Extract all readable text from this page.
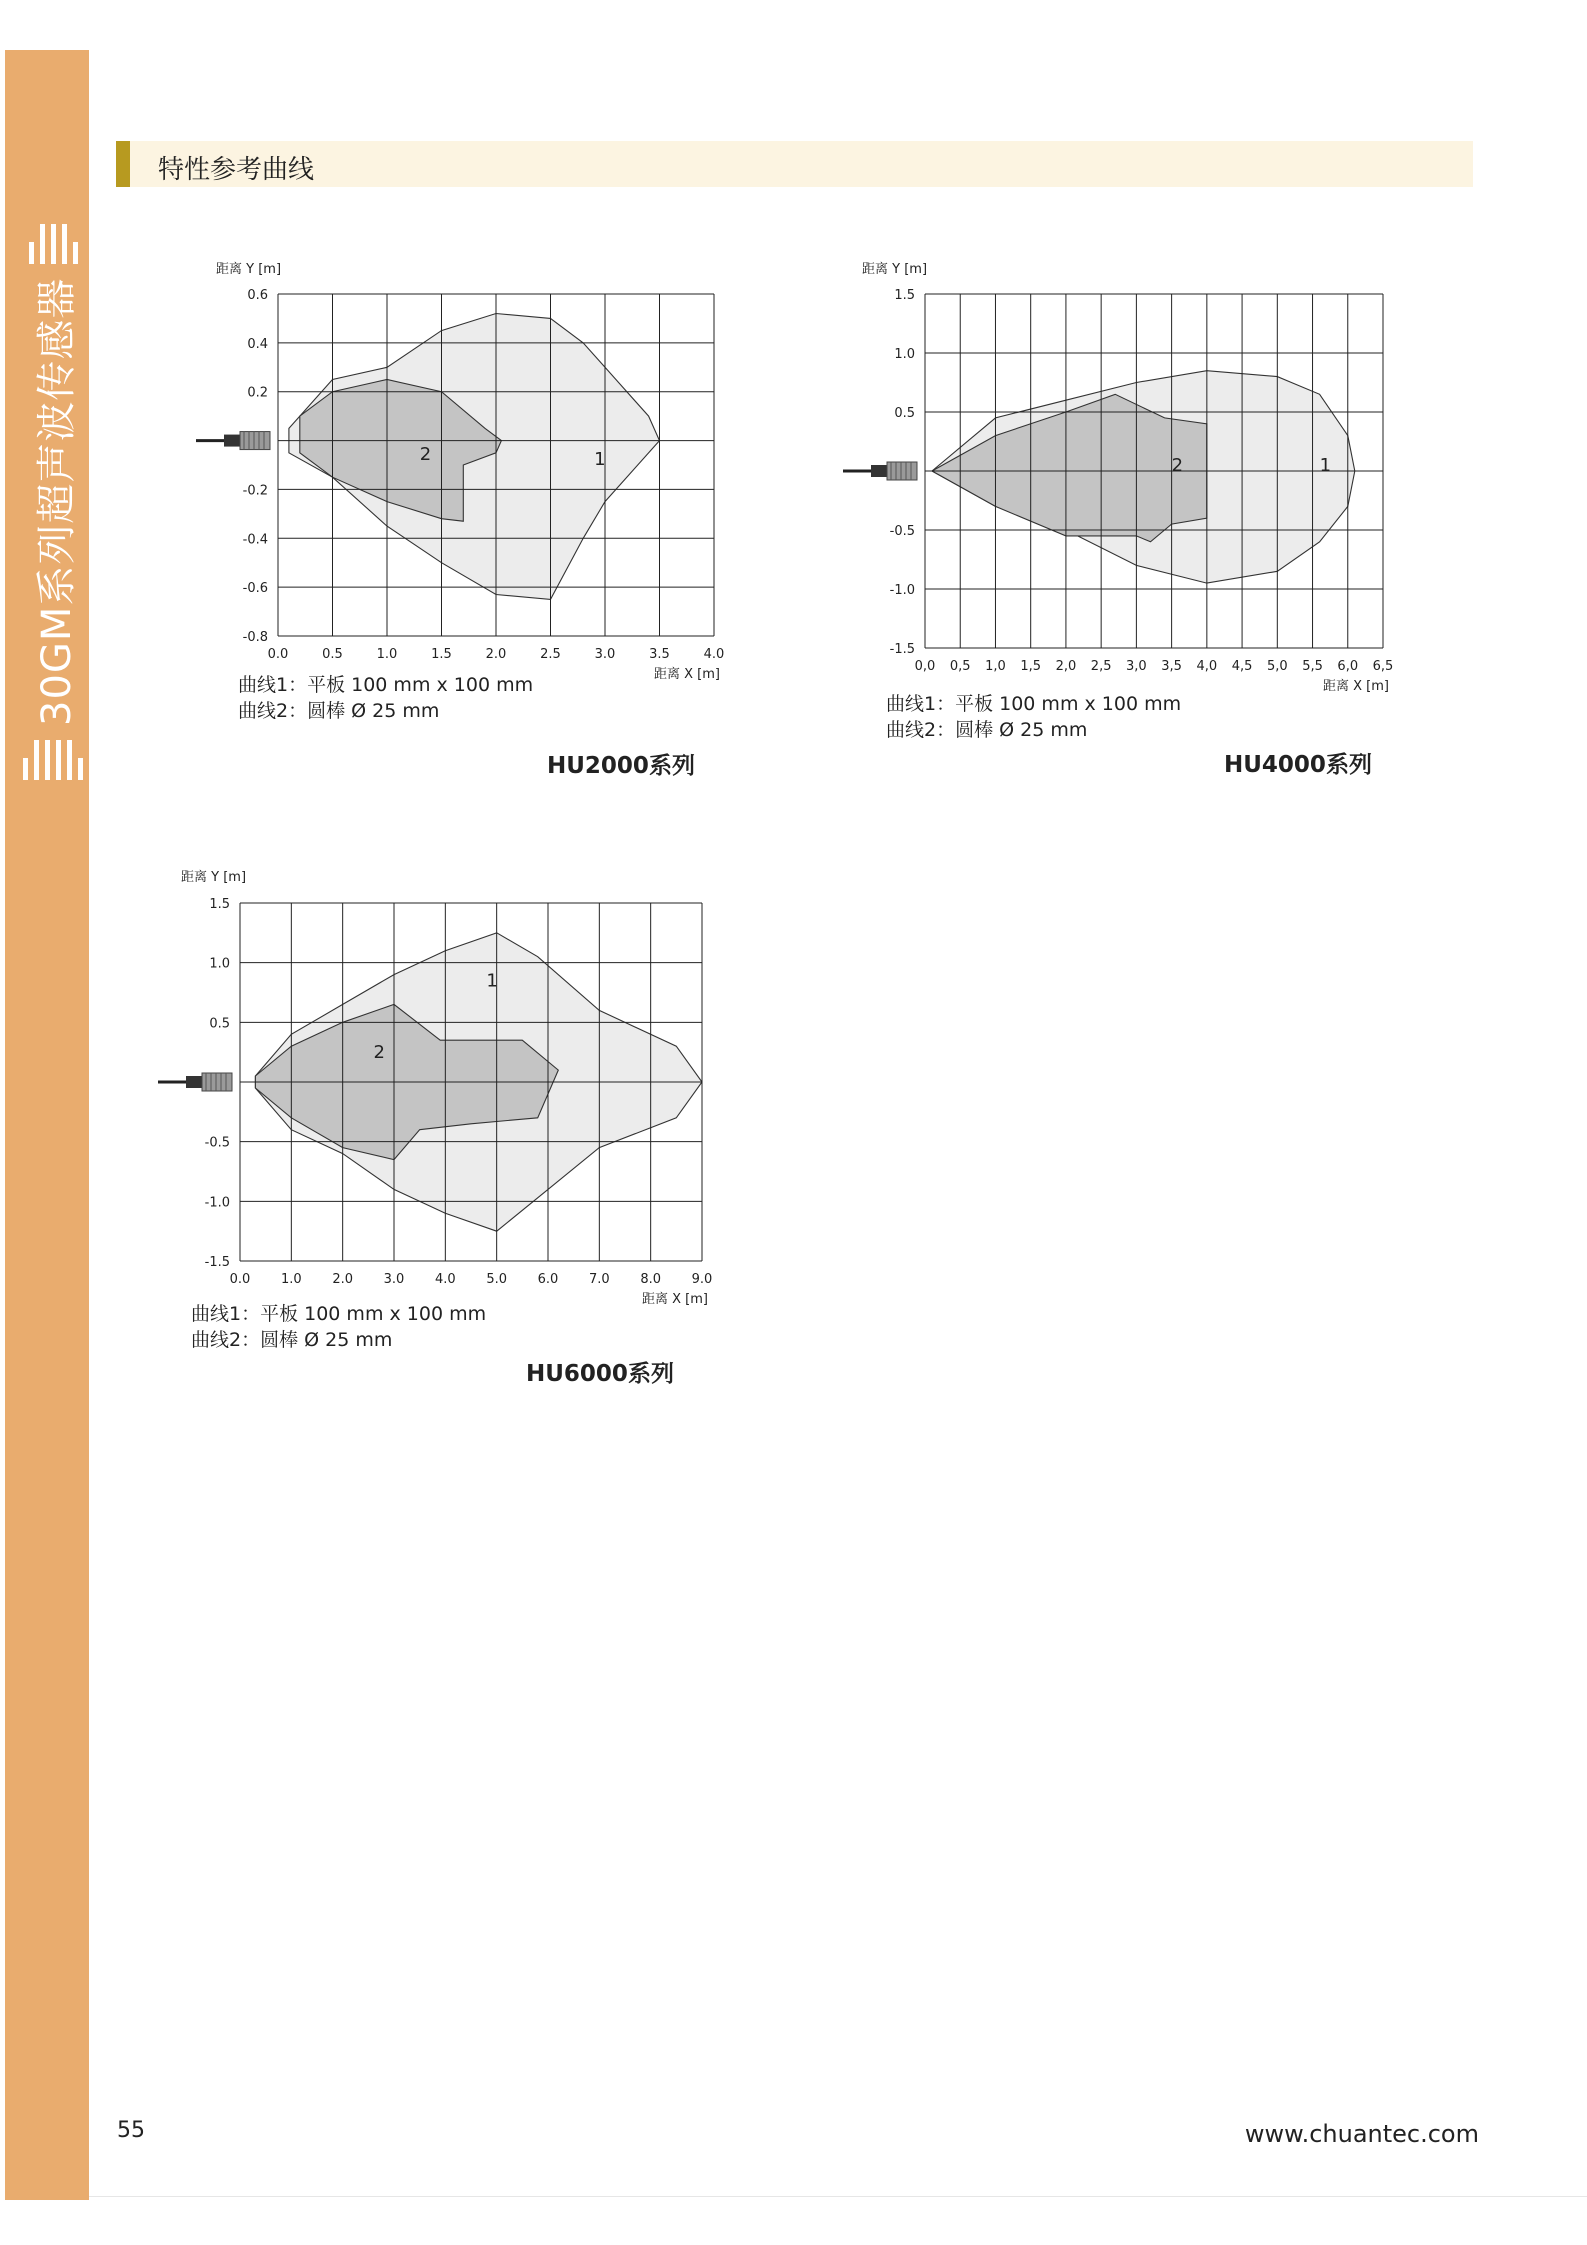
30GM系列超声波传感器
特性参考曲线
0.0	0.5	1.0	1.5	2.0	2.5	3.0	3.5	4.0
0.6
0.4
0.2
-0.2
-0.4
-0.6
-0.8
距离 Y [m]
距离 X [m]
1
2
曲线1：平板 100 mm x 100 mm
曲线2：圆棒 Ø 25 mm
HU2000系列
0,0 0,5 1,0 1,5 2,0 2,5 3,0 3,5 4,0 4,5 5,0 5,5 6,0 6,5
1.5
1.0
0.5
-0.5
-1.0
-1.5
距离 Y [m]
距离 X [m]
1
2
曲线1：平板 100 mm x 100 mm
曲线2：圆棒 Ø 25 mm
HU4000系列
0.0 1.0 2.0 3.0 4.0 5.0 6.0 7.0 8.0 9.0
1.5
1.0
0.5
-0.5
-1.0
-1.5
距离 Y [m]
距离 X [m]
1
2
曲线1：平板 100 mm x 100 mm
曲线2：圆棒 Ø 25 mm
HU6000系列
55	www.chuantec.com
